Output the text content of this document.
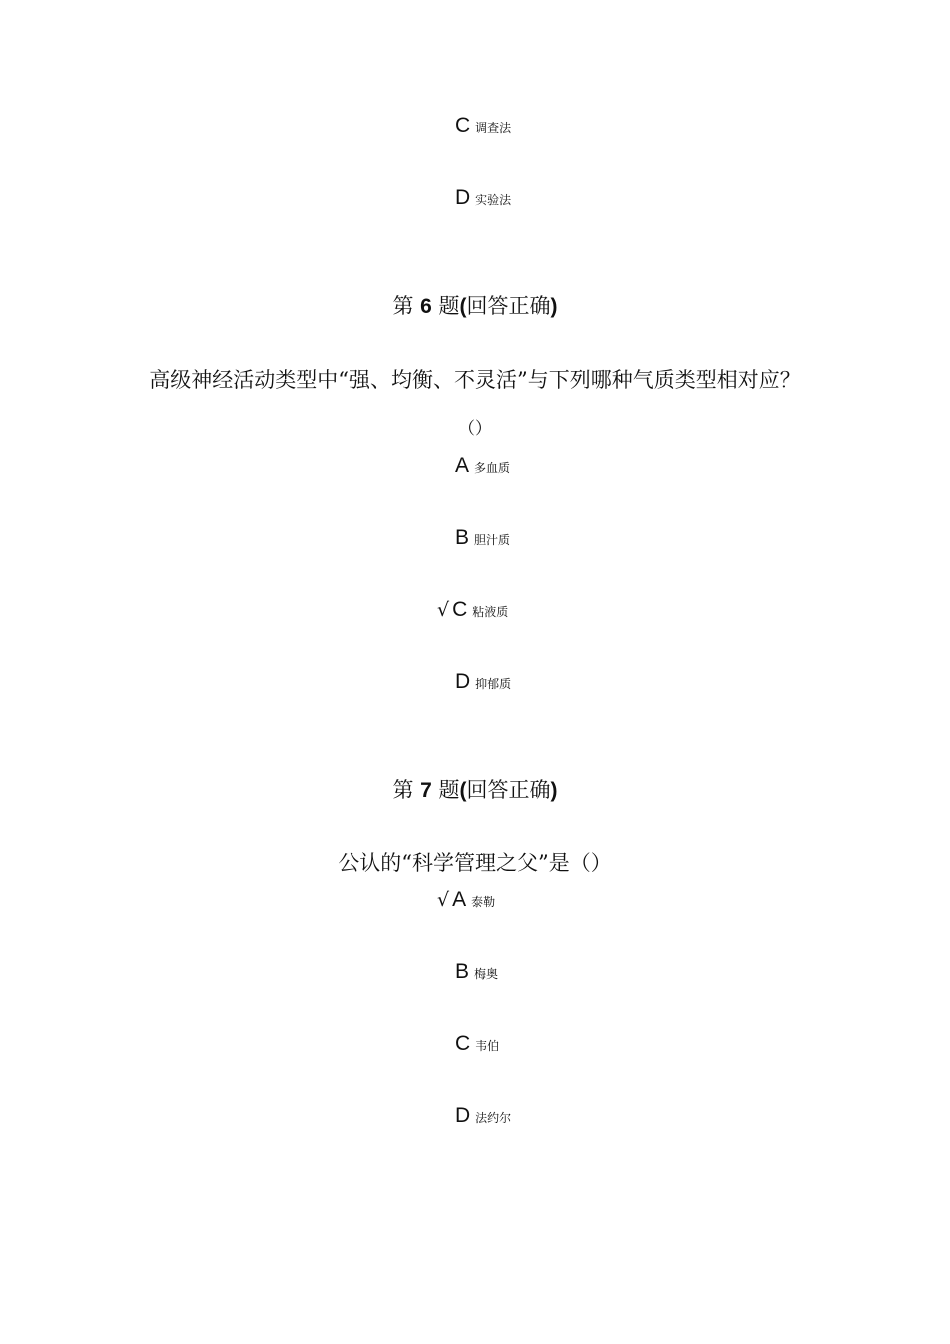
C 调查法
D 实验法
第 6 题(回答正确)
高级神经活动类型中“强、均衡、不灵活”与下列哪种气质类型相对应？
（）
A 多血质
B 胆汁质
√ C 粘液质
D 抑郁质
第 7 题(回答正确)
公认的“科学管理之父”是（）
√ A 泰勒
B 梅奥
C 韦伯
D 法约尔
